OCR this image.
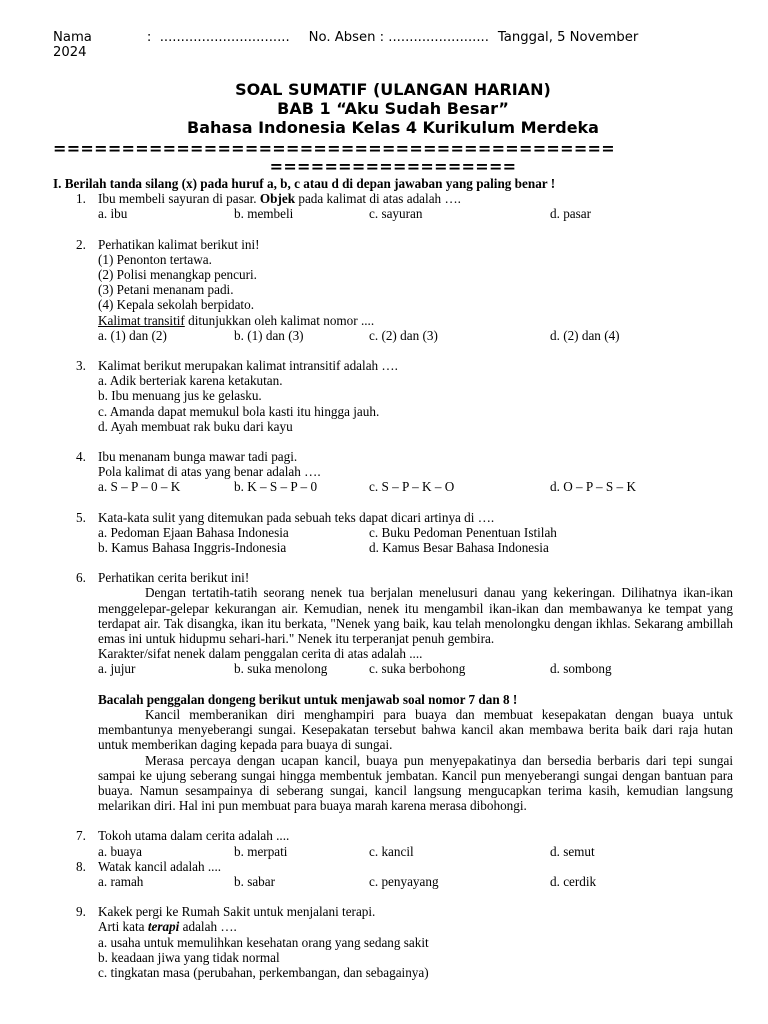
Nama	:  ............................... No. Absen : ........................ Tanggal, 5 November
2024
SOAL SUMATIF (ULANGAN HARIAN)
BAB 1 “Aku Sudah Besar”
Bahasa Indonesia Kelas 4 Kurikulum Merdeka
=========================================
==================

I. Berilah tanda silang (x) pada huruf a, b, c atau d di depan jawaban yang paling benar !

1. Ibu membeli sayuran di pasar. Objek pada kalimat di atas adalah ….

a. ibu	b. membeli	c. sayuran	d. pasar
2. Perhatikan kalimat berikut ini!

(1) Penonton tertawa.

(2) Polisi menangkap pencuri.

(3) Petani menanam padi.

(4) Kepala sekolah berpidato.

Kalimat transitif ditunjukkan oleh kalimat nomor ....

a. (1) dan (2)	b. (1) dan (3)	c. (2) dan (3)	d. (2) dan (4)
3. Kalimat berikut merupakan kalimat intransitif adalah ….

a. Adik berteriak karena ketakutan.

b. Ibu menuang jus ke gelasku.

c. Amanda dapat memukul bola kasti itu hingga jauh.

d. Ayah membuat rak buku dari kayu

4. Ibu menanam bunga mawar tadi pagi.

Pola kalimat di atas yang benar adalah ….

a. S – P – 0 – K	b. K – S – P – 0	c. S – P – K – O	d. O – P – S – K
5. Kata-kata sulit yang ditemukan pada sebuah teks dapat dicari artinya di ….

a. Pedoman Ejaan Bahasa Indonesia	c. Buku Pedoman Penentuan Istilah
b. Kamus Bahasa Inggris-Indonesia	d. Kamus Besar Bahasa Indonesia
6. Perhatikan cerita berikut ini!

Dengan tertatih-tatih seorang nenek tua berjalan menelusuri danau yang kekeringan. Dilihatnya ikan-ikan menggelepar-gelepar kekurangan air. Kemudian, nenek itu mengambil ikan-ikan dan membawanya ke tempat yang terdapat air. Tak disangka, ikan itu berkata, "Nenek yang baik, kau telah menolongku dengan ikhlas. Sekarang ambillah emas ini untuk hidupmu sehari-hari." Nenek itu terperanjat penuh gembira.

Karakter/sifat nenek dalam penggalan cerita di atas adalah ....

a. jujur	b. suka menolong	c. suka berbohong	d. sombong

Bacalah penggalan dongeng berikut untuk menjawab soal nomor 7 dan 8 !

Kancil memberanikan diri menghampiri para buaya dan membuat kesepakatan dengan buaya untuk membantunya menyeberangi sungai. Kesepakatan tersebut bahwa kancil akan membawa berita baik dari raja hutan untuk memberikan daging kepada para buaya di sungai.

Merasa percaya dengan ucapan kancil, buaya pun menyepakatinya dan bersedia berbaris dari tepi sungai sampai ke ujung seberang sungai hingga membentuk jembatan. Kancil pun menyeberangi sungai dengan bantuan para buaya. Namun sesampainya di seberang sungai, kancil langsung mengucapkan terima kasih, kemudian langsung melarikan diri. Hal ini pun membuat para buaya marah karena merasa dibohongi.

7. Tokoh utama dalam cerita adalah ....

a. buaya	b. merpati	c. kancil	d. semut
8. Watak kancil adalah ....

a. ramah	b. sabar	c. penyayang	d. cerdik
9. Kakek pergi ke Rumah Sakit untuk menjalani terapi.

Arti kata terapi adalah ….

a. usaha untuk memulihkan kesehatan orang yang sedang sakit

b. keadaan jiwa yang tidak normal

c. tingkatan masa (perubahan, perkembangan, dan sebagainya)
